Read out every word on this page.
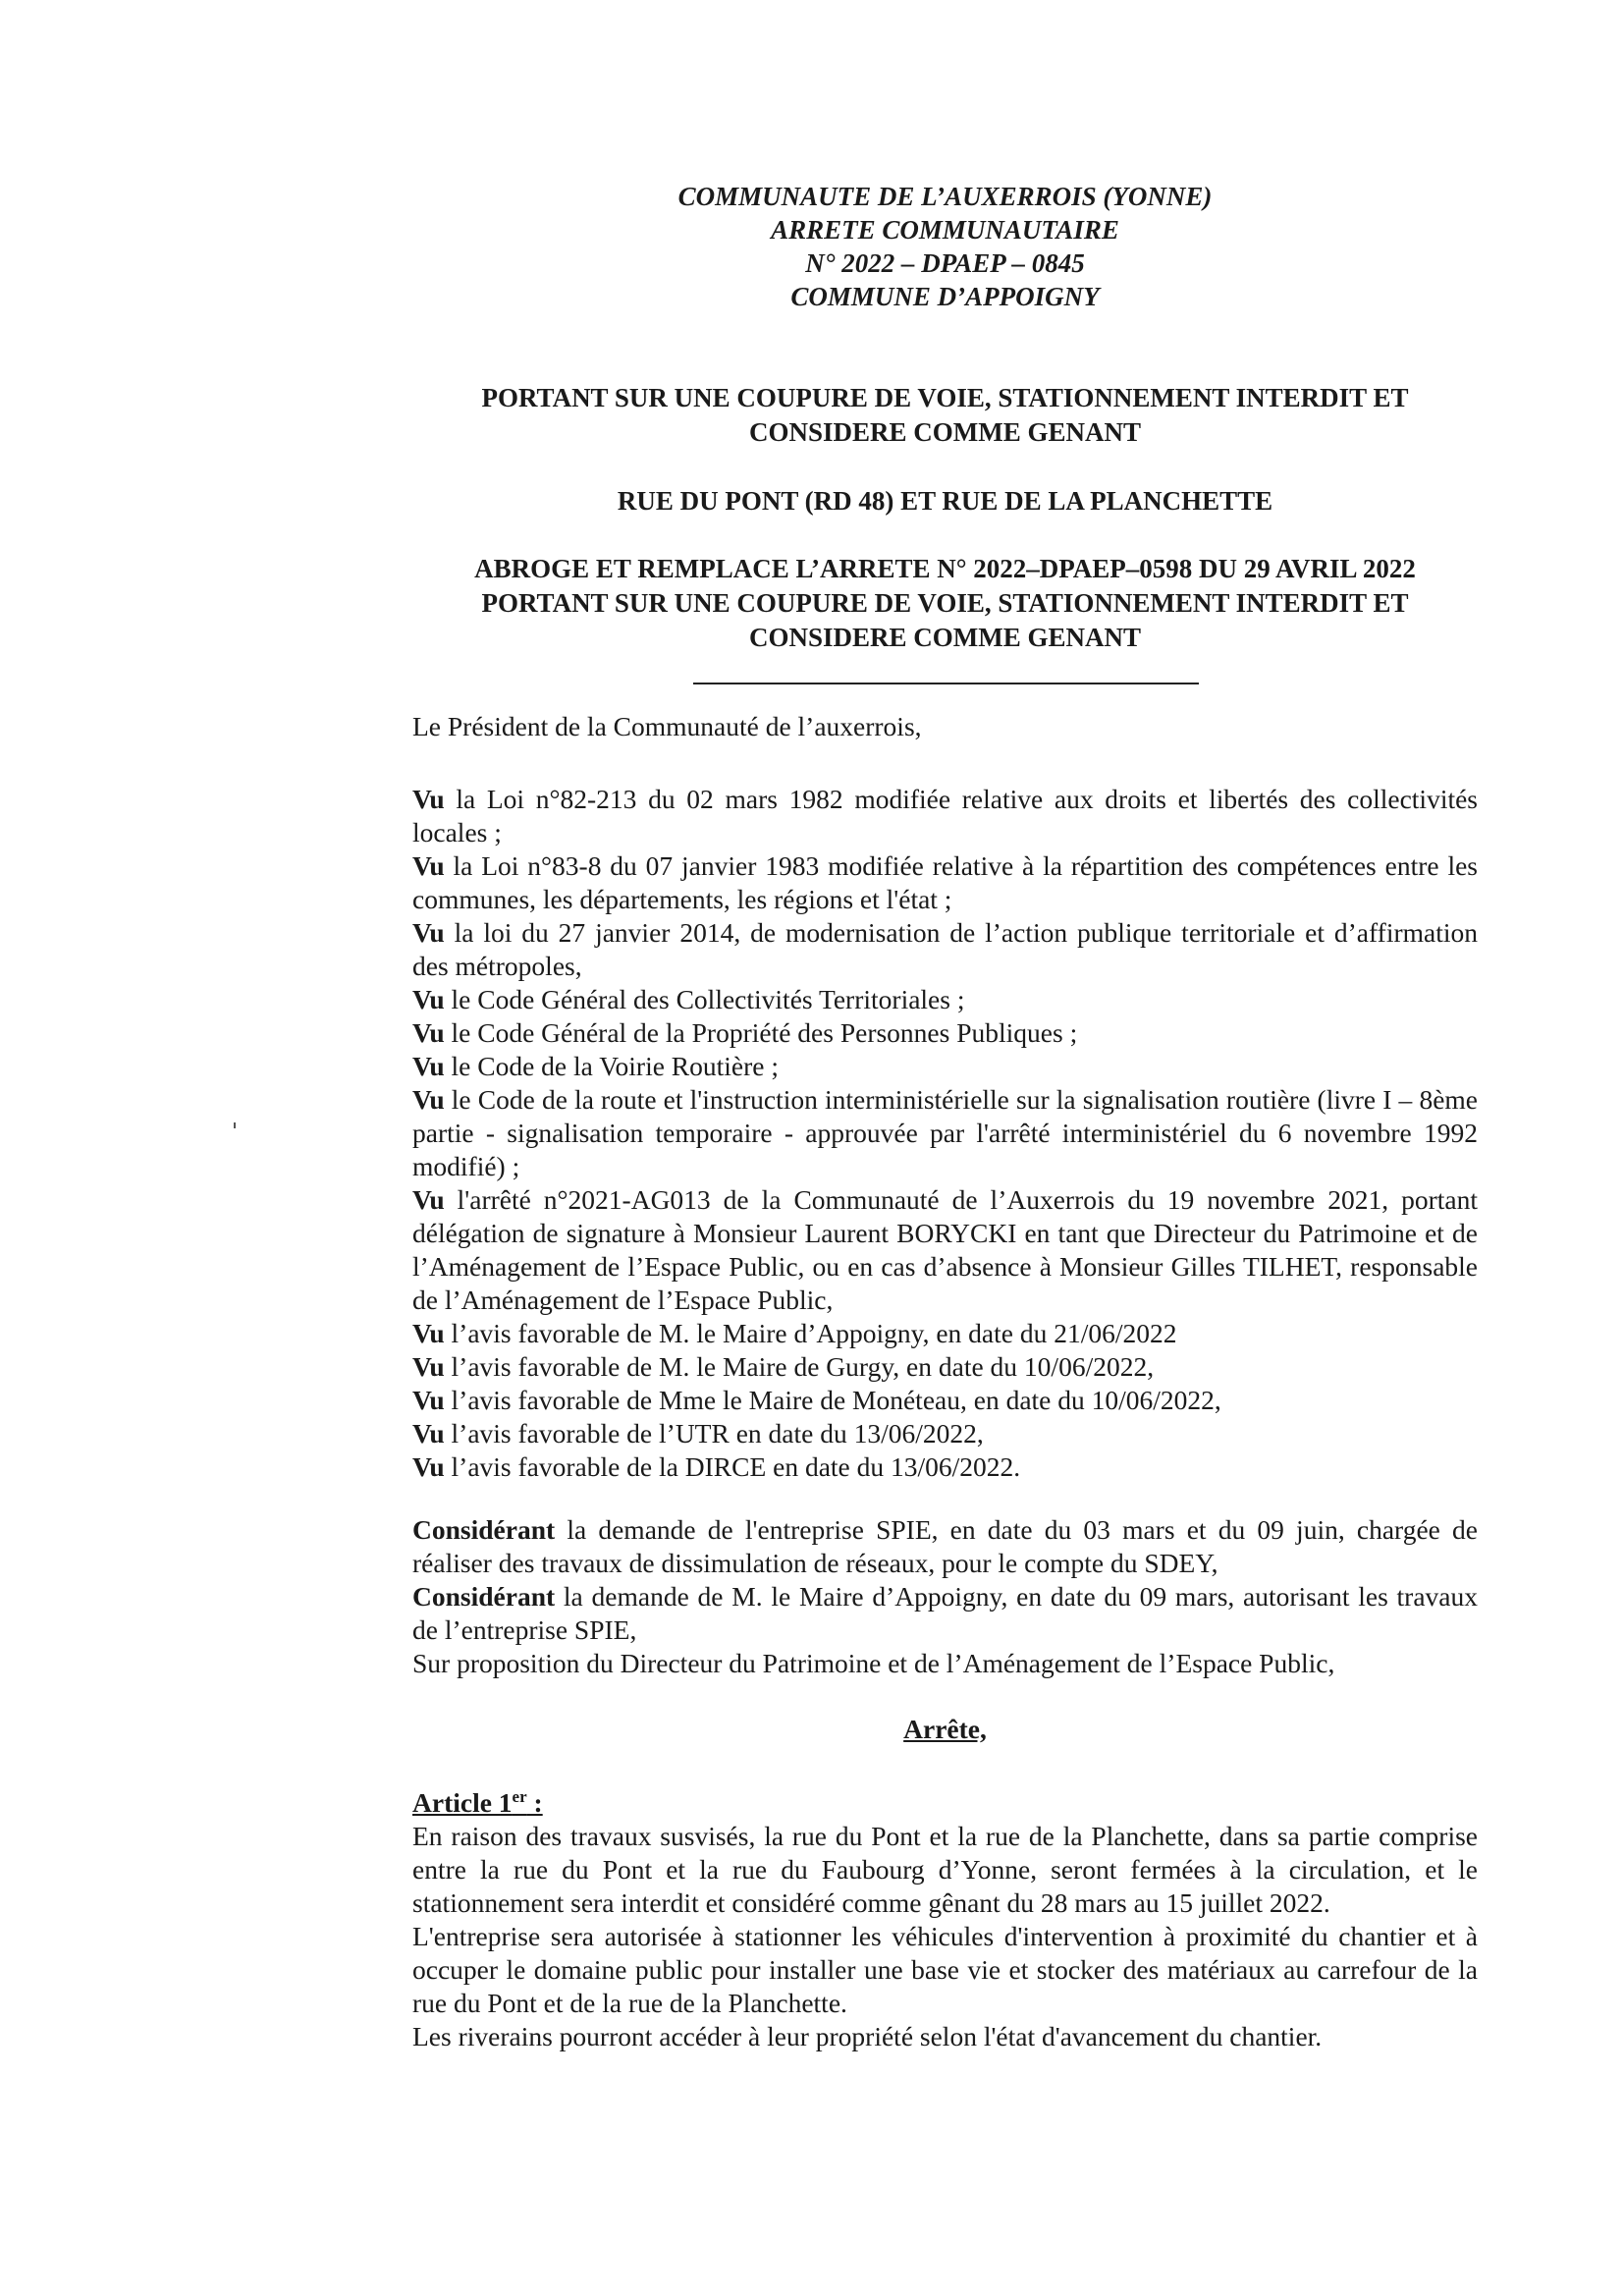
COMMUNAUTE DE L’AUXERROIS (YONNE)
ARRETE COMMUNAUTAIRE
N° 2022 – DPAEP – 0845
COMMUNE D’APPOIGNY
PORTANT SUR UNE COUPURE DE VOIE, STATIONNEMENT INTERDIT ET
CONSIDERE COMME GENANT
RUE DU PONT (RD 48) ET RUE DE LA PLANCHETTE
ABROGE ET REMPLACE L’ARRETE N° 2022–DPAEP–0598 DU 29 AVRIL 2022
PORTANT SUR UNE COUPURE DE VOIE, STATIONNEMENT INTERDIT ET
CONSIDERE COMME GENANT

Le Président de la Communauté de l’auxerrois,

Vu la Loi n°82-213 du 02 mars 1982 modifiée relative aux droits et libertés des collectivités locales ;

Vu la Loi n°83-8 du 07 janvier 1983 modifiée relative à la répartition des compétences entre les communes, les départements, les régions et l'état ;

Vu la loi du 27 janvier 2014, de modernisation de l’action publique territoriale et d’affirmation des métropoles,

Vu le Code Général des Collectivités Territoriales ;

Vu le Code Général de la Propriété des Personnes Publiques ;

Vu le Code de la Voirie Routière ;

Vu le Code de la route et l'instruction interministérielle sur la signalisation routière (livre I – 8ème partie - signalisation temporaire - approuvée par l'arrêté interministériel du 6 novembre 1992 modifié) ;

Vu l'arrêté n°2021-AG013 de la Communauté de l’Auxerrois du 19 novembre 2021, portant délégation de signature à Monsieur Laurent BORYCKI en tant que Directeur du Patrimoine et de l’Aménagement de l’Espace Public, ou en cas d’absence à Monsieur Gilles TILHET, responsable de l’Aménagement de l’Espace Public,

Vu l’avis favorable de M. le Maire d’Appoigny, en date du 21/06/2022

Vu l’avis favorable de M. le Maire de Gurgy, en date du 10/06/2022,

Vu l’avis favorable de Mme le Maire de Monéteau, en date du 10/06/2022,

Vu l’avis favorable de l’UTR en date du 13/06/2022,

Vu l’avis favorable de la DIRCE en date du 13/06/2022.

Considérant la demande de l'entreprise SPIE, en date du 03 mars et du 09 juin, chargée de réaliser des travaux de dissimulation de réseaux, pour le compte du SDEY,

Considérant la demande de M. le Maire d’Appoigny, en date du 09 mars, autorisant les travaux de l’entreprise SPIE,

Sur proposition du Directeur du Patrimoine et de l’Aménagement de l’Espace Public,

Arrête,

Article 1er :

En raison des travaux susvisés, la rue du Pont et la rue de la Planchette, dans sa partie comprise entre la rue du Pont et la rue du Faubourg d’Yonne, seront fermées à la circulation, et le stationnement sera interdit et considéré comme gênant du 28 mars au 15 juillet 2022.

L'entreprise sera autorisée à stationner les véhicules d'intervention à proximité du chantier et à occuper le domaine public pour installer une base vie et stocker des matériaux au carrefour de la rue du Pont et de la rue de la Planchette.

Les riverains pourront accéder à leur propriété selon l'état d'avancement du chantier.
